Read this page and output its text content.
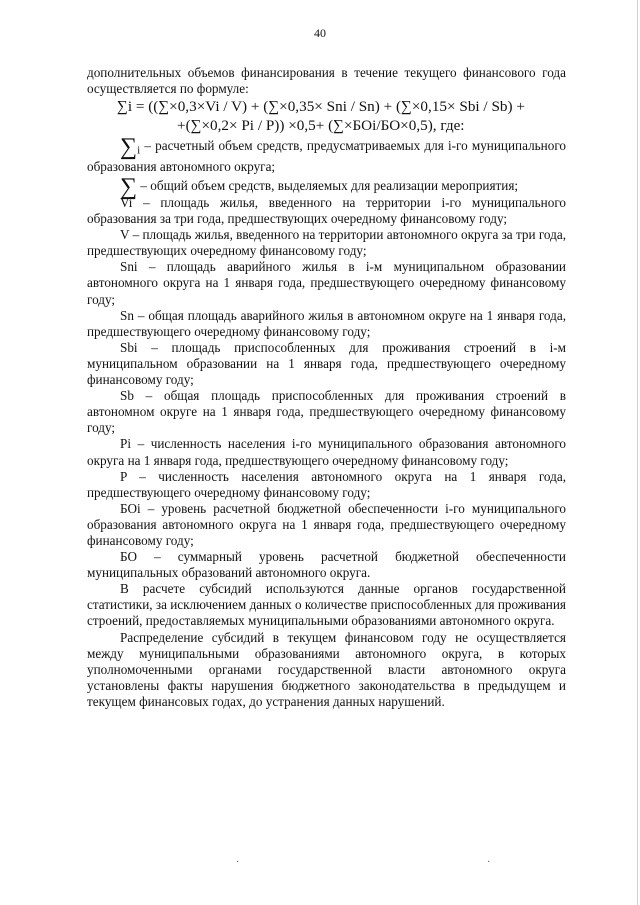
40

дополнительных объемов финансирования в течение текущего финансового года осуществляется по формуле:

∑i = ((∑×0,3×Vi / V) + (∑×0,35× Sni / Sn) + (∑×0,15× Sbi / Sb) +
+(∑×0,2× Pi / P)) ×0,5+ (∑×БОi/БО×0,5), где:

$\sum_i$ – расчетный объем средств, предусматриваемых для i-го муниципального образования автономного округа;

∑ – общий объем средств, выделяемых для реализации мероприятия;

Vi – площадь жилья, введенного на территории i-го муниципального образования за три года, предшествующих очередному финансовому году;

V – площадь жилья, введенного на территории автономного округа за три года, предшествующих очередному финансовому году;

Sni – площадь аварийного жилья в i-м муниципальном образовании автономного округа на 1 января года, предшествующего очередному финансовому году;

Sn – общая площадь аварийного жилья в автономном округе на 1 января года, предшествующего очередному финансовому году;

Sbi – площадь приспособленных для проживания строений в i-м муниципальном образовании на 1 января года, предшествующего очередному финансовому году;

Sb – общая площадь приспособленных для проживания строений в автономном округе на 1 января года, предшествующего очередному финансовому году;

Pi – численность населения i-го муниципального образования автономного округа на 1 января года, предшествующего очередному финансовому году;

P – численность населения автономного округа на 1 января года, предшествующего очередному финансовому году;

БОi – уровень расчетной бюджетной обеспеченности i-го муниципального образования автономного округа на 1 января года, предшествующего очередному финансовому году;

БО – суммарный уровень расчетной бюджетной обеспеченности муниципальных образований автономного округа.

В расчете субсидий используются данные органов государственной статистики, за исключением данных о количестве приспособленных для проживания строений, предоставляемых муниципальными образованиями автономного округа.

Распределение субсидий в текущем финансовом году не осуществляется между муниципальными образованиями автономного округа, в которых уполномоченными органами государственной власти автономного округа установлены факты нарушения бюджетного законодательства в предыдущем и текущем финансовых годах, до устранения данных нарушений.

·	·
